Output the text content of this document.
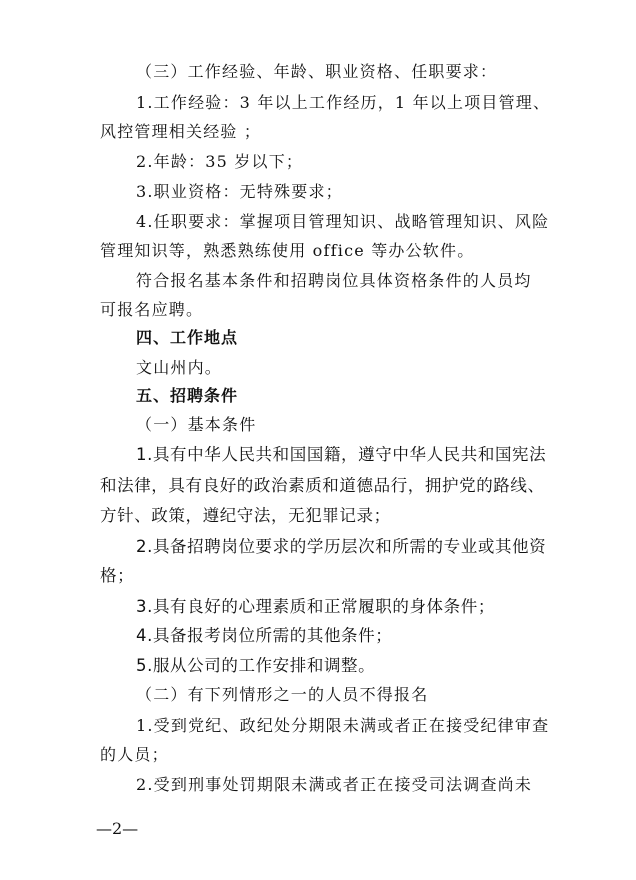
（三）工作经验、年龄、职业资格、任职要求：
1.工作经验：3 年以上工作经历，1 年以上项目管理、
风控管理相关经验 ；
2.年龄：35 岁以下；
3.职业资格：无特殊要求；
4.任职要求：掌握项目管理知识、战略管理知识、风险
管理知识等，熟悉熟练使用 office 等办公软件。
符合报名基本条件和招聘岗位具体资格条件的人员均
可报名应聘。
四、工作地点
文山州内。
五、招聘条件
（一）基本条件
1.具有中华人民共和国国籍，遵守中华人民共和国宪法
和法律，具有良好的政治素质和道德品行，拥护党的路线、
方针、政策，遵纪守法，无犯罪记录；
2.具备招聘岗位要求的学历层次和所需的专业或其他资
格；
3.具有良好的心理素质和正常履职的身体条件；
4.具备报考岗位所需的其他条件；
5.服从公司的工作安排和调整。
（二）有下列情形之一的人员不得报名
1.受到党纪、政纪处分期限未满或者正在接受纪律审查
的人员；
2.受到刑事处罚期限未满或者正在接受司法调查尚未
—2—
